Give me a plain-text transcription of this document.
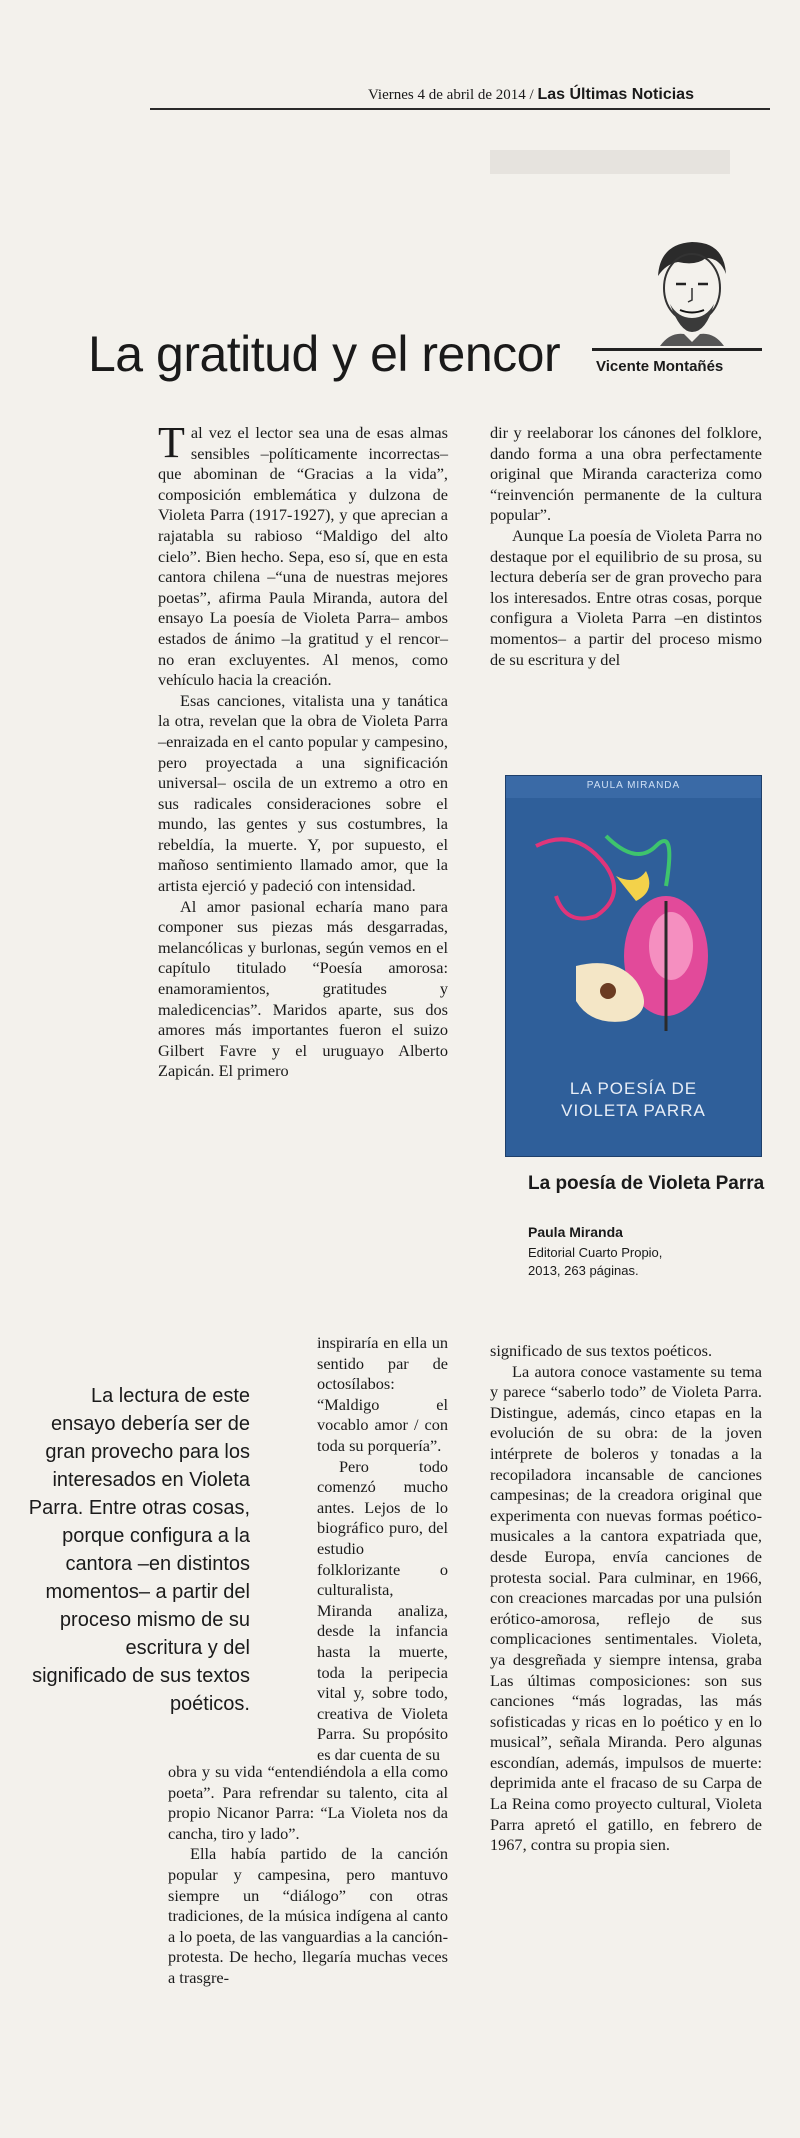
Viernes 4 de abril de 2014 / Las Últimas Noticias
La gratitud y el rencor Vicente Montañés

Tal vez el lector sea una de esas almas sensibles –políticamente incorrectas– que abominan de “Gracias a la vida”, composición emblemática y dulzona de Violeta Parra (1917-1927), y que aprecian a rajatabla su rabioso “Maldigo del alto cielo”. Bien hecho. Sepa, eso sí, que en esta cantora chilena –“una de nuestras mejores poetas”, afirma Paula Miranda, autora del ensayo La poesía de Violeta Parra– ambos estados de ánimo –la gratitud y el rencor– no eran excluyentes. Al menos, como vehículo hacia la creación.

Esas canciones, vitalista una y tanática la otra, revelan que la obra de Violeta Parra –enraizada en el canto popular y campesino, pero proyectada a una significación universal– oscila de un extremo a otro en sus radicales consideraciones sobre el mundo, las gentes y sus costumbres, la rebeldía, la muerte. Y, por supuesto, el mañoso sentimiento llamado amor, que la artista ejerció y padeció con intensidad.

Al amor pasional echaría mano para componer sus piezas más desgarradas, melancólicas y burlonas, según vemos en el capítulo titulado “Poesía amorosa: enamoramientos, gratitudes y maledicencias”. Maridos aparte, sus dos amores más importantes fueron el suizo Gilbert Favre y el uruguayo Alberto Zapicán. El primero

inspiraría en ella un sentido par de octosílabos: “Maldigo el vocablo amor / con toda su porquería”.

Pero todo comenzó mucho antes. Lejos de lo biográfico puro, del estudio folklorizante o culturalista, Miranda analiza, desde la infancia hasta la muerte, toda la peripecia vital y, sobre todo, creativa de Violeta Parra. Su propósito es dar cuenta de su

La lectura de este ensayo debería ser de gran provecho para los interesados en Violeta Parra. Entre otras cosas, porque configura a la cantora –en distintos momentos– a partir del proceso mismo de su escritura y del significado de sus textos poéticos.

obra y su vida “entendiéndola a ella como poeta”. Para refrendar su talento, cita al propio Nicanor Parra: “La Violeta nos da cancha, tiro y lado”.

Ella había partido de la canción popular y campesina, pero mantuvo siempre un “diálogo” con otras tradiciones, de la música indígena al canto a lo poeta, de las vanguardias a la canción-protesta. De hecho, llegaría muchas veces a trasgre-

dir y reelaborar los cánones del folklore, dando forma a una obra perfectamente original que Miranda caracteriza como “reinvención permanente de la cultura popular”.

Aunque La poesía de Violeta Parra no destaque por el equilibrio de su prosa, su lectura debería ser de gran provecho para los interesados. Entre otras cosas, porque configura a Violeta Parra –en distintos momentos– a partir del proceso mismo de su escritura y del

PAULA MIRANDA
LA POESÍA DE VIOLETA PARRA
La poesía de Violeta Parra
Paula Miranda
Editorial Cuarto Propio,
2013, 263 páginas.

significado de sus textos poéticos.

La autora conoce vastamente su tema y parece “saberlo todo” de Violeta Parra. Distingue, además, cinco etapas en la evolución de su obra: de la joven intérprete de boleros y tonadas a la recopiladora incansable de canciones campesinas; de la creadora original que experimenta con nuevas formas poético-musicales a la cantora expatriada que, desde Europa, envía canciones de protesta social. Para culminar, en 1966, con creaciones marcadas por una pulsión erótico-amorosa, reflejo de sus complicaciones sentimentales. Violeta, ya desgreñada y siempre intensa, graba Las últimas composiciones: son sus canciones “más logradas, las más sofisticadas y ricas en lo poético y en lo musical”, señala Miranda. Pero algunas escondían, además, impulsos de muerte: deprimida ante el fracaso de su Carpa de La Reina como proyecto cultural, Violeta Parra apretó el gatillo, en febrero de 1967, contra su propia sien.
